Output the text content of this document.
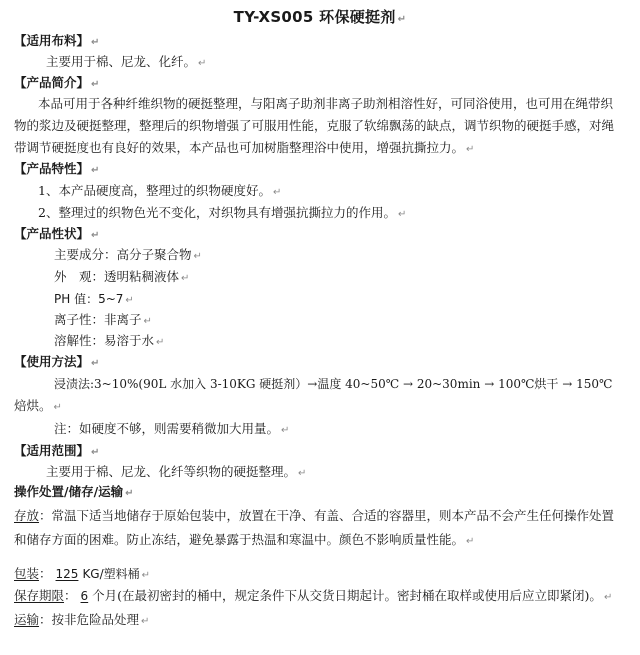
TY-XS005 环保硬挺剂 ↵
【适用布料】 ↵
主要用于棉、尼龙、化纤。 ↵
【产品简介】 ↵
本品可用于各种纤维织物的硬挺整理，与阳离子助剂非离子助剂相溶性好，可同浴使用，也可用在绳带织
物的浆边及硬挺整理，整理后的织物增强了可服用性能，克服了软绵飘荡的缺点，调节织物的硬挺手感，对绳
带调节硬挺度也有良好的效果，本产品也可加树脂整理浴中使用，增强抗撕拉力。 ↵
【产品特性】 ↵
1、本产品硬度高，整理过的织物硬度好。 ↵
2、整理过的织物色光不变化，对织物具有增强抗撕拉力的作用。 ↵
【产品性状】 ↵
主要成分：高分子聚合物 ↵
外　观：透明粘稠液体 ↵
PH 值：5~7 ↵
离子性：非离子 ↵
溶解性：易溶于水 ↵
【使用方法】 ↵
浸渍法:3~10%(90L 水加入 3-10KG 硬挺剂）→温度 40~50℃ → 20~30min → 100℃烘干 → 150℃
焙烘。 ↵
注：如硬度不够，则需要稍微加大用量。 ↵
【适用范围】 ↵
主要用于棉、尼龙、化纤等织物的硬挺整理。 ↵
操作处置/储存/运输 ↵
存放：常温下适当地储存于原始包装中，放置在干净、有盖、合适的容器里，则本产品不会产生任何操作处置
和储存方面的困难。防止冻结，避免暴露于热温和寒温中。颜色不影响质量性能。 ↵
包装： 125 KG/塑料桶 ↵
保存期限： 6 个月(在最初密封的桶中，规定条件下从交货日期起计。密封桶在取样或使用后应立即紧闭)。 ↵
运输：按非危险品处理 ↵
